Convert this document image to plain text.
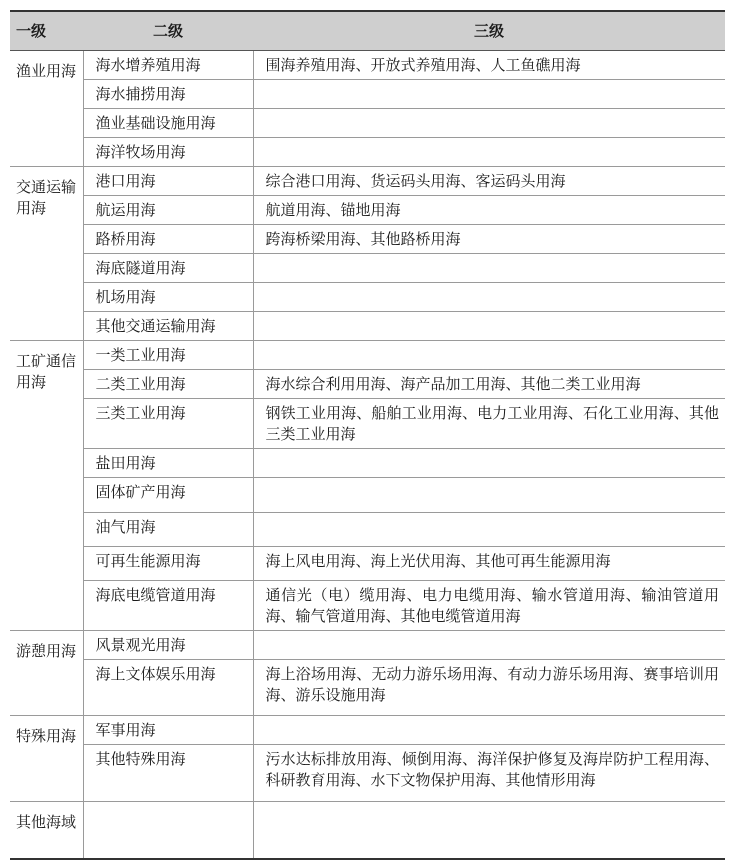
一级	二级	三级
渔业用海	海水增养殖用海	围海养殖用海、开放式养殖用海、人工鱼礁用海
	海水捕捞用海	
	渔业基础设施用海	
	海洋牧场用海	
交通运输用海	港口用海	综合港口用海、货运码头用海、客运码头用海
	航运用海	航道用海、锚地用海
	路桥用海	跨海桥梁用海、其他路桥用海
	海底隧道用海	
	机场用海	
	其他交通运输用海	
工矿通信用海	一类工业用海	
	二类工业用海	海水综合利用用海、海产品加工用海、其他二类工业用海
	三类工业用海	钢铁工业用海、船舶工业用海、电力工业用海、石化工业用海、其他三类工业用海
	盐田用海	
	固体矿产用海	
	油气用海	
	可再生能源用海	海上风电用海、海上光伏用海、其他可再生能源用海
	海底电缆管道用海	通信光（电）缆用海、电力电缆用海、输水管道用海、输油管道用海、输气管道用海、其他电缆管道用海
游憩用海	风景观光用海	
	海上文体娱乐用海	海上浴场用海、无动力游乐场用海、有动力游乐场用海、赛事培训用海、游乐设施用海
特殊用海	军事用海	
	其他特殊用海	污水达标排放用海、倾倒用海、海洋保护修复及海岸防护工程用海、科研教育用海、水下文物保护用海、其他情形用海
其他海域		
